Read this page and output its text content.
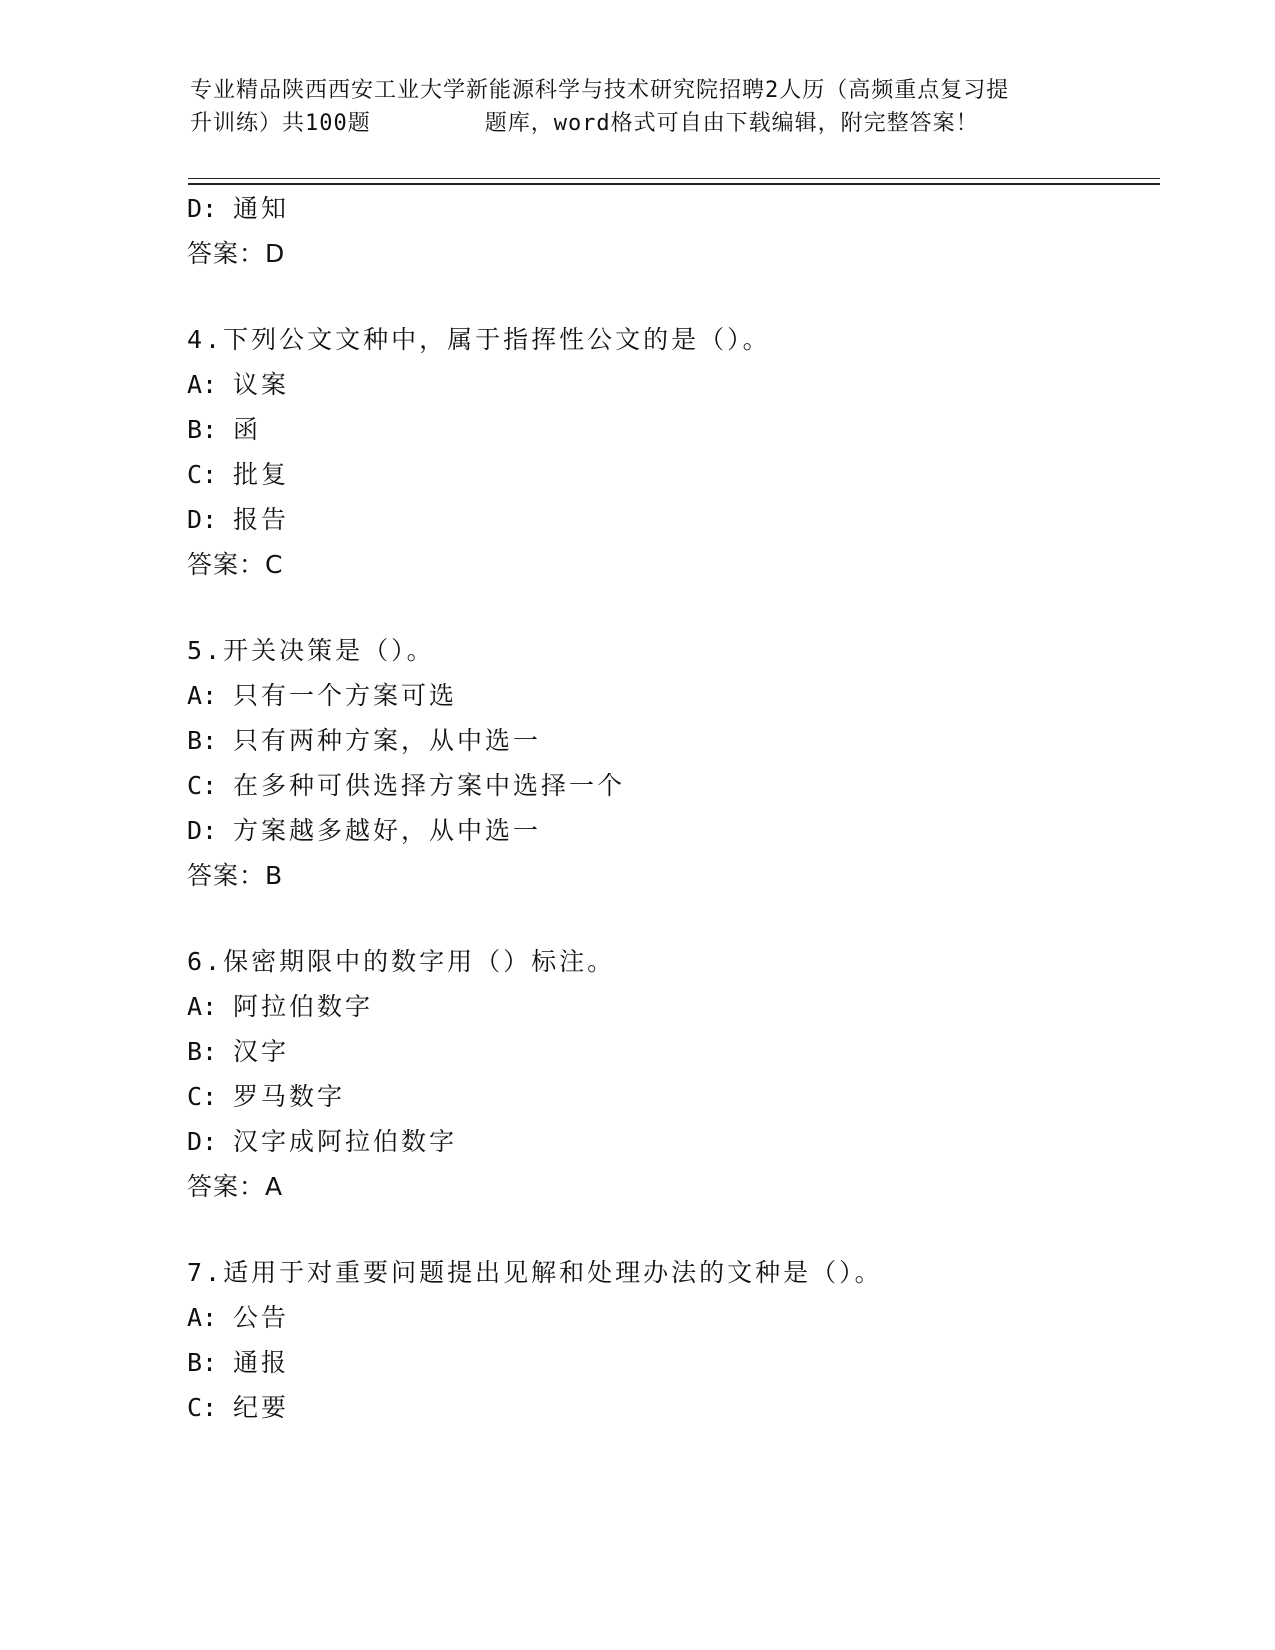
专业精品陕西西安工业大学新能源科学与技术研究院招聘2人历（高频重点复习提
升训练）共100题        题库，word格式可自由下载编辑，附完整答案！
D: 通知
答案：D
4.下列公文文种中，属于指挥性公文的是（）。
A: 议案
B: 函
C: 批复
D: 报告
答案：C
5.开关决策是（）。
A: 只有一个方案可选
B: 只有两种方案，从中选一
C: 在多种可供选择方案中选择一个
D: 方案越多越好，从中选一
答案：B
6.保密期限中的数字用（）标注。
A: 阿拉伯数字
B: 汉字
C: 罗马数字
D: 汉字成阿拉伯数字
答案：A
7.适用于对重要问题提出见解和处理办法的文种是（）。
A: 公告
B: 通报
C: 纪要
